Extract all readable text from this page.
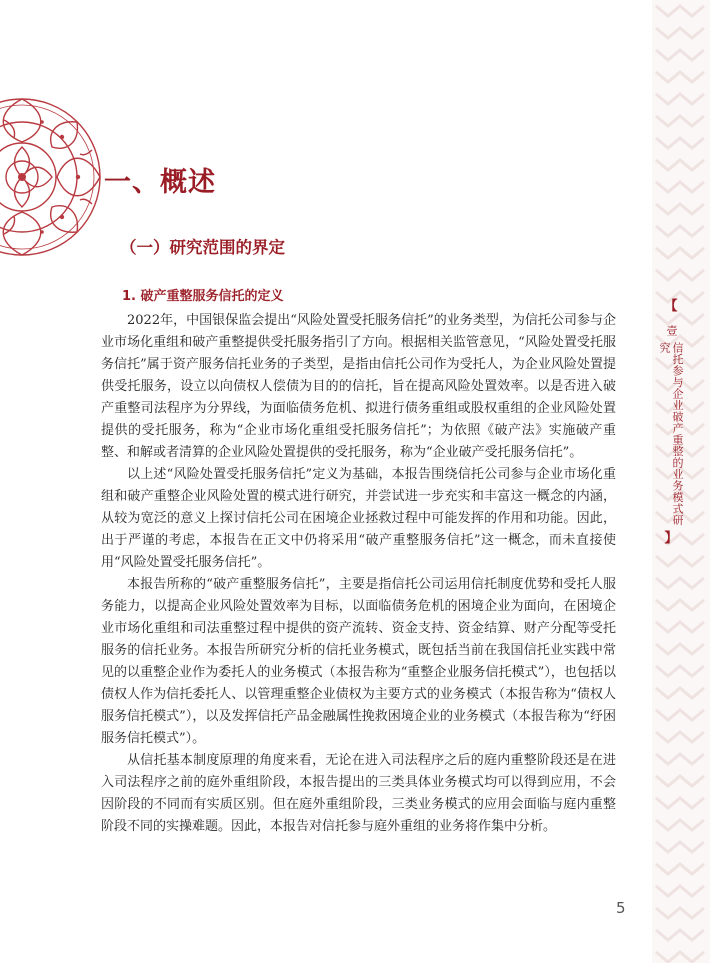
一、概述
（一）研究范围的界定
1. 破产重整服务信托的定义

2022年，中国银保监会提出“风险处置受托服务信托”的业务类型，为信托公司参与企业市场化重组和破产重整提供受托服务指引了方向。根据相关监管意见，“风险处置受托服务信托”属于资产服务信托业务的子类型，是指由信托公司作为受托人，为企业风险处置提供受托服务，设立以向债权人偿债为目的的信托，旨在提高风险处置效率。以是否进入破产重整司法程序为分界线，为面临债务危机、拟进行债务重组或股权重组的企业风险处置提供的受托服务，称为“企业市场化重组受托服务信托”；为依照《破产法》实施破产重整、和解或者清算的企业风险处置提供的受托服务，称为“企业破产受托服务信托”。

以上述“风险处置受托服务信托”定义为基础，本报告围绕信托公司参与企业市场化重组和破产重整企业风险处置的模式进行研究，并尝试进一步充实和丰富这一概念的内涵，从较为宽泛的意义上探讨信托公司在困境企业拯救过程中可能发挥的作用和功能。因此，出于严谨的考虑，本报告在正文中仍将采用“破产重整服务信托”这一概念，而未直接使用“风险处置受托服务信托”。

本报告所称的“破产重整服务信托”，主要是指信托公司运用信托制度优势和受托人服务能力，以提高企业风险处置效率为目标，以面临债务危机的困境企业为面向，在困境企业市场化重组和司法重整过程中提供的资产流转、资金支持、资金结算、财产分配等受托服务的信托业务。本报告所研究分析的信托业务模式，既包括当前在我国信托业实践中常见的以重整企业作为委托人的业务模式（本报告称为“重整企业服务信托模式”），也包括以债权人作为信托委托人、以管理重整企业债权为主要方式的业务模式（本报告称为“债权人服务信托模式”），以及发挥信托产品金融属性挽救困境企业的业务模式（本报告称为“纾困服务信托模式”）。

从信托基本制度原理的角度来看，无论在进入司法程序之后的庭内重整阶段还是在进入司法程序之前的庭外重组阶段，本报告提出的三类具体业务模式均可以得到应用，不会因阶段的不同而有实质区别。但在庭外重组阶段，三类业务模式的应用会面临与庭内重整阶段不同的实操难题。因此，本报告对信托参与庭外重组的业务将作集中分析。

【
壹
信托参与企业破产重整的业务模式研究
】
5
